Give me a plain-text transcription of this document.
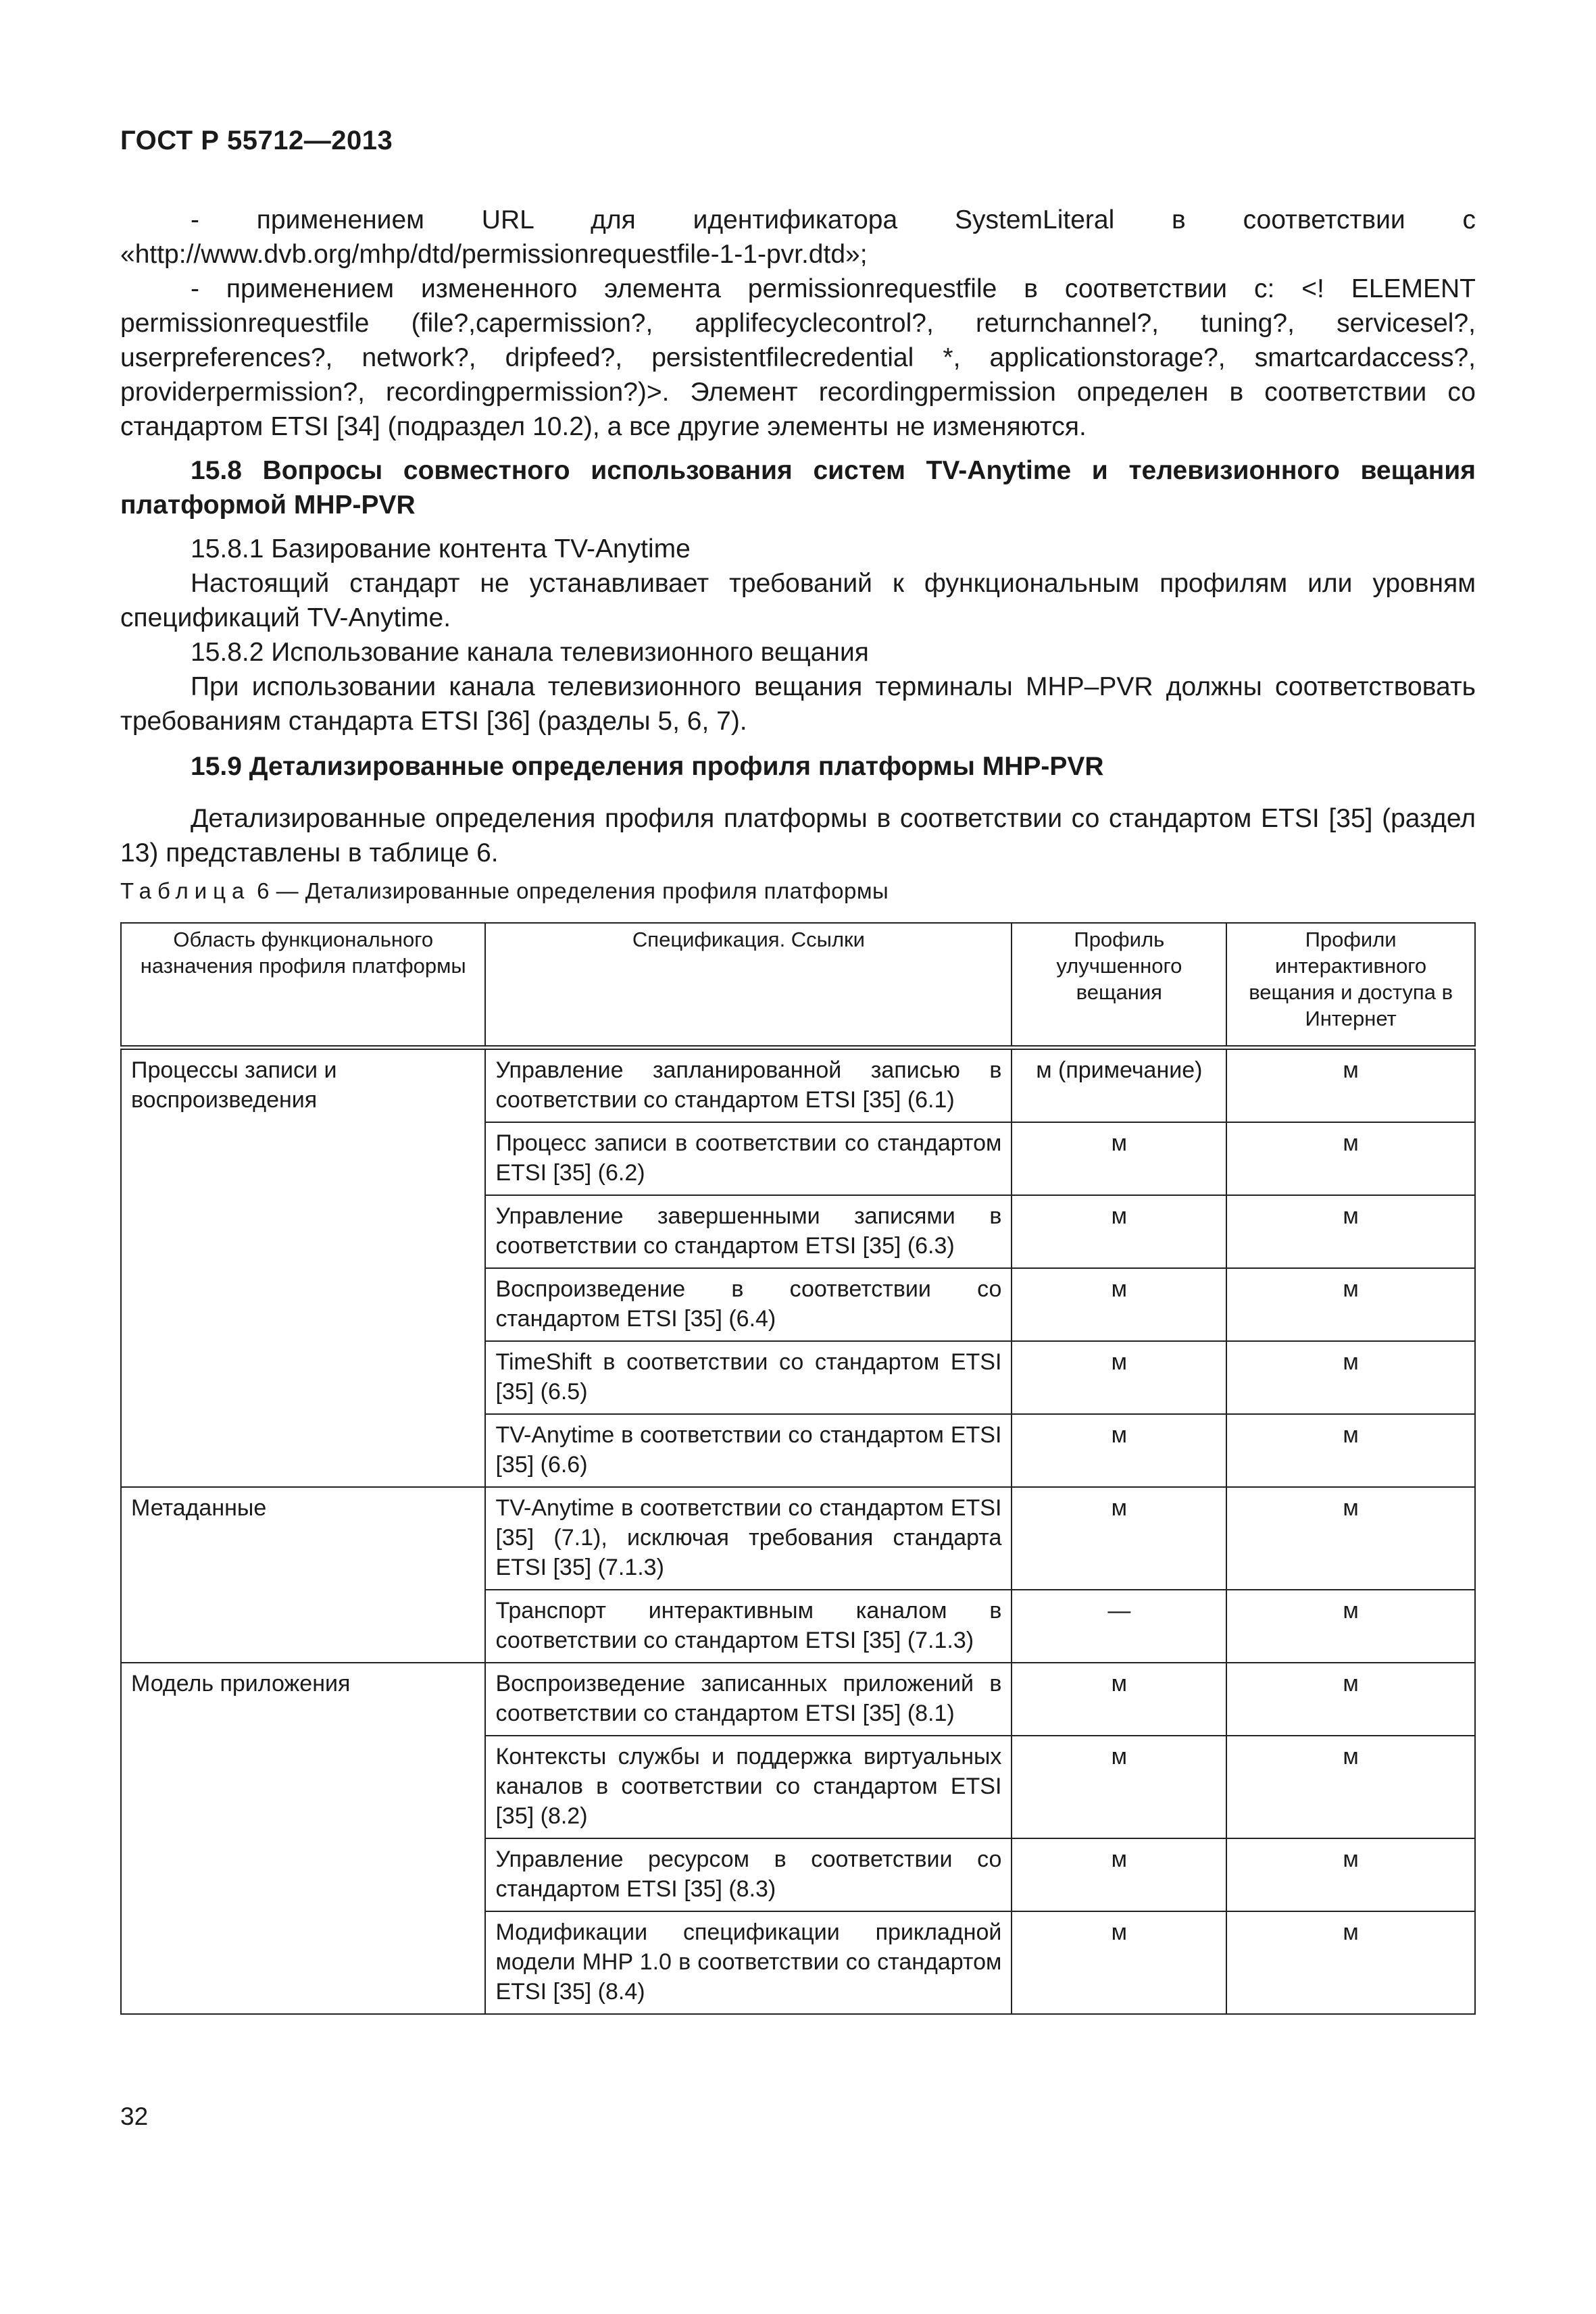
ГОСТ Р 55712—2013

- применением URL для идентификатора SystemLiteral в соответствии с «http://www.dvb.org/mhp/dtd/permissionrequestfile-1-1-pvr.dtd»;

- применением измененного элемента permissionrequestfile в соответствии с: <! ELEMENT permissionrequestfile (file?,capermission?, applifecyclecontrol?, returnchannel?, tuning?, servicesel?, userpreferences?, network?, dripfeed?, persistentfilecredential *, applicationstorage?, smartcardaccess?, providerpermission?, recordingpermission?)>. Элемент recordingpermission определен в соответствии со стандартом ETSI [34] (подраздел 10.2), а все другие элементы не изменяются.

15.8 Вопросы совместного использования систем TV-Anytime и телевизионного вещания платформой MHP-PVR

15.8.1 Базирование контента TV-Anytime

Настоящий стандарт не устанавливает требований к функциональным профилям или уровням спецификаций TV-Anytime.

15.8.2 Использование канала телевизионного вещания

При использовании канала телевизионного вещания терминалы MHP–PVR должны соответствовать требованиям стандарта ETSI [36] (разделы 5, 6, 7).

15.9 Детализированные определения профиля платформы MHP-PVR

Детализированные определения профиля платформы в соответствии со стандартом ETSI [35] (раздел 13) представлены в таблице 6.

Таблица 6 — Детализированные определения профиля платформы
Область функционального назначения профиля платформы	Спецификация. Ссылки	Профиль улучшенного вещания	Профили интерактивного вещания и доступа в Интернет
Процессы записи и воспроизведения	Управление запланированной записью в соответствии со стандартом ETSI [35] (6.1)	м (примечание)	м
	Процесс записи в соответствии со стандартом ETSI [35] (6.2)	м	м
	Управление завершенными записями в соответствии со стандартом ETSI [35] (6.3)	м	м
	Воспроизведение в соответствии со стандартом ETSI [35] (6.4)	м	м
	TimeShift в соответствии со стандартом ETSI [35] (6.5)	м	м
	TV-Anytime в соответствии со стандартом ETSI [35] (6.6)	м	м
Метаданные	TV-Anytime в соответствии со стандартом ETSI [35] (7.1), исключая требования стандарта ETSI [35] (7.1.3)	м	м
	Транспорт интерактивным каналом в соответствии со стандартом ETSI [35] (7.1.3)	—	м
Модель приложения	Воспроизведение записанных приложений в соответствии со стандартом ETSI [35] (8.1)	м	м
	Контексты службы и поддержка виртуальных каналов в соответствии со стандартом ETSI [35] (8.2)	м	м
	Управление ресурсом в соответствии со стандартом ETSI [35] (8.3)	м	м
	Модификации спецификации прикладной модели MHP 1.0 в соответствии со стандартом ETSI [35] (8.4)	м	м
32
